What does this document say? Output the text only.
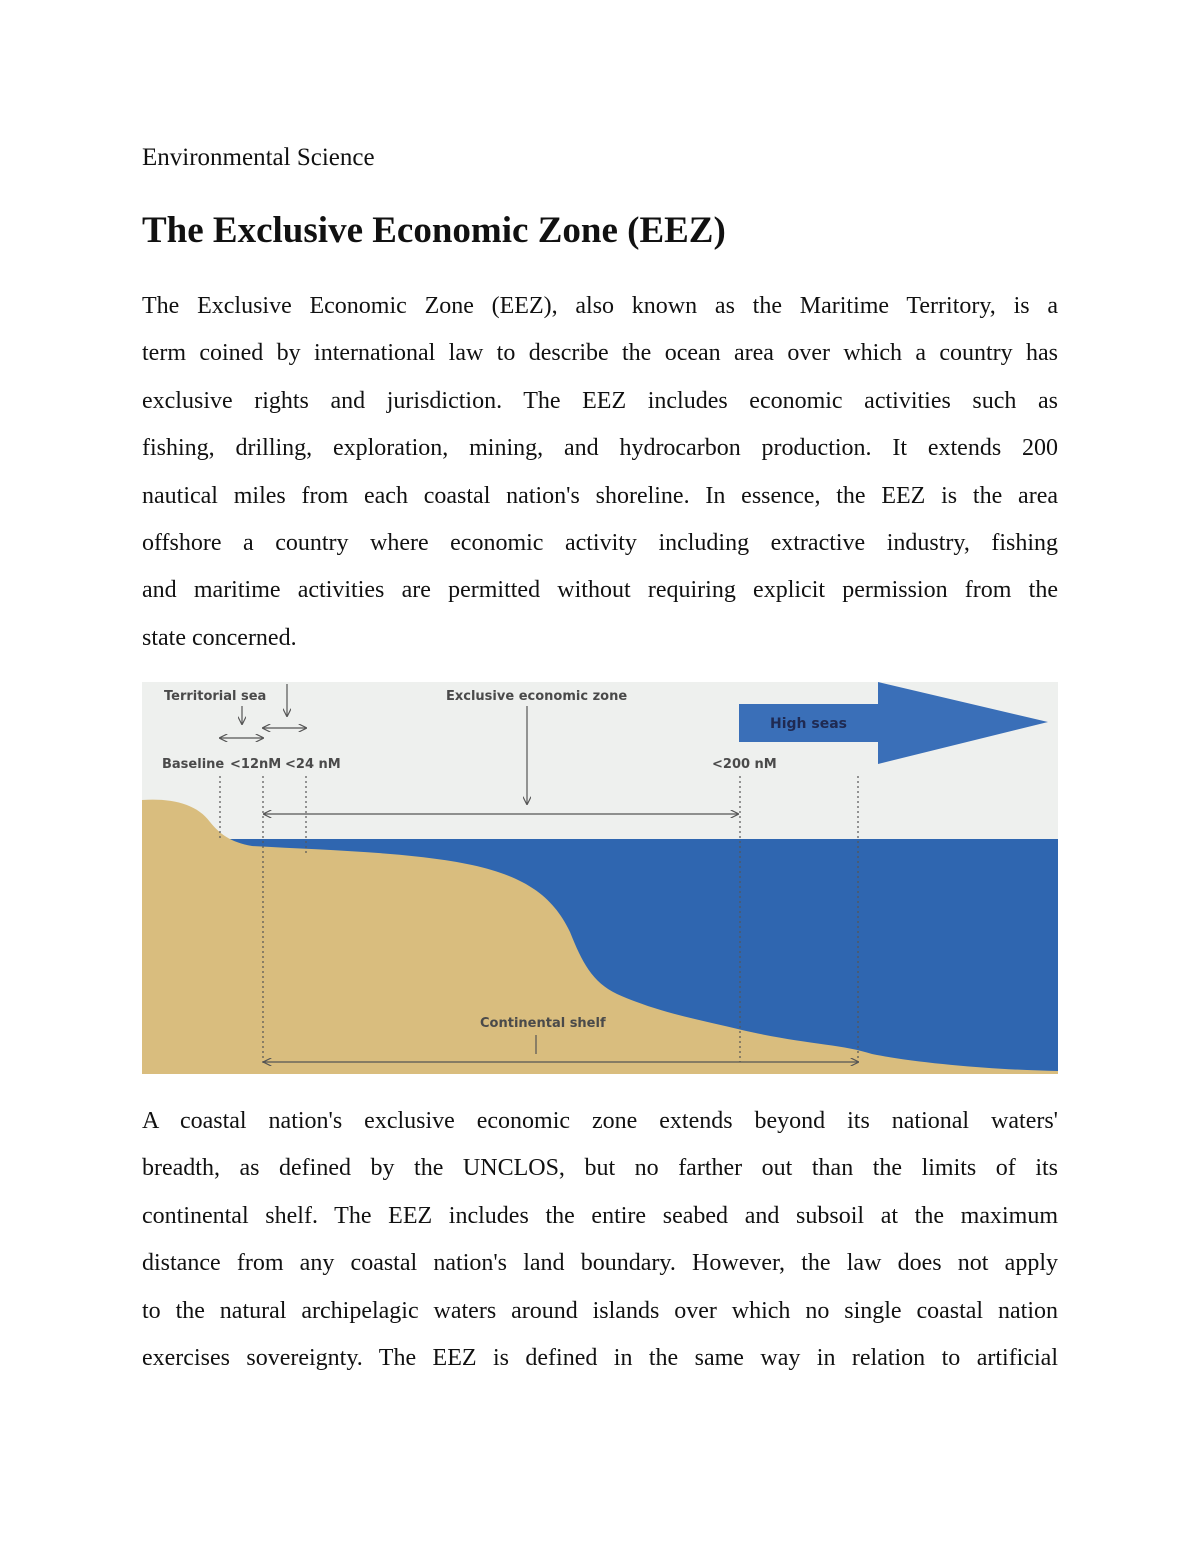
Environmental Science
The Exclusive Economic Zone (EEZ)
The Exclusive Economic Zone (EEZ), also known as the Maritime Territory, is a
term coined by international law to describe the ocean area over which a country has
exclusive rights and jurisdiction. The EEZ includes economic activities such as
fishing, drilling, exploration, mining, and hydrocarbon production. It extends 200
nautical miles from each coastal nation's shoreline. In essence, the EEZ is the area
offshore a country where economic activity including extractive industry, fishing
and maritime activities are permitted without requiring explicit permission from the
state concerned.
Territorial sea	Exclusive economic zone
High seas
Baseline <12nM <24 nM	<200 nM
Continental shelf
A coastal nation's exclusive economic zone extends beyond its national waters'
breadth, as defined by the UNCLOS, but no farther out than the limits of its
continental shelf. The EEZ includes the entire seabed and subsoil at the maximum
distance from any coastal nation's land boundary. However, the law does not apply
to the natural archipelagic waters around islands over which no single coastal nation
exercises sovereignty. The EEZ is defined in the same way in relation to artificial
